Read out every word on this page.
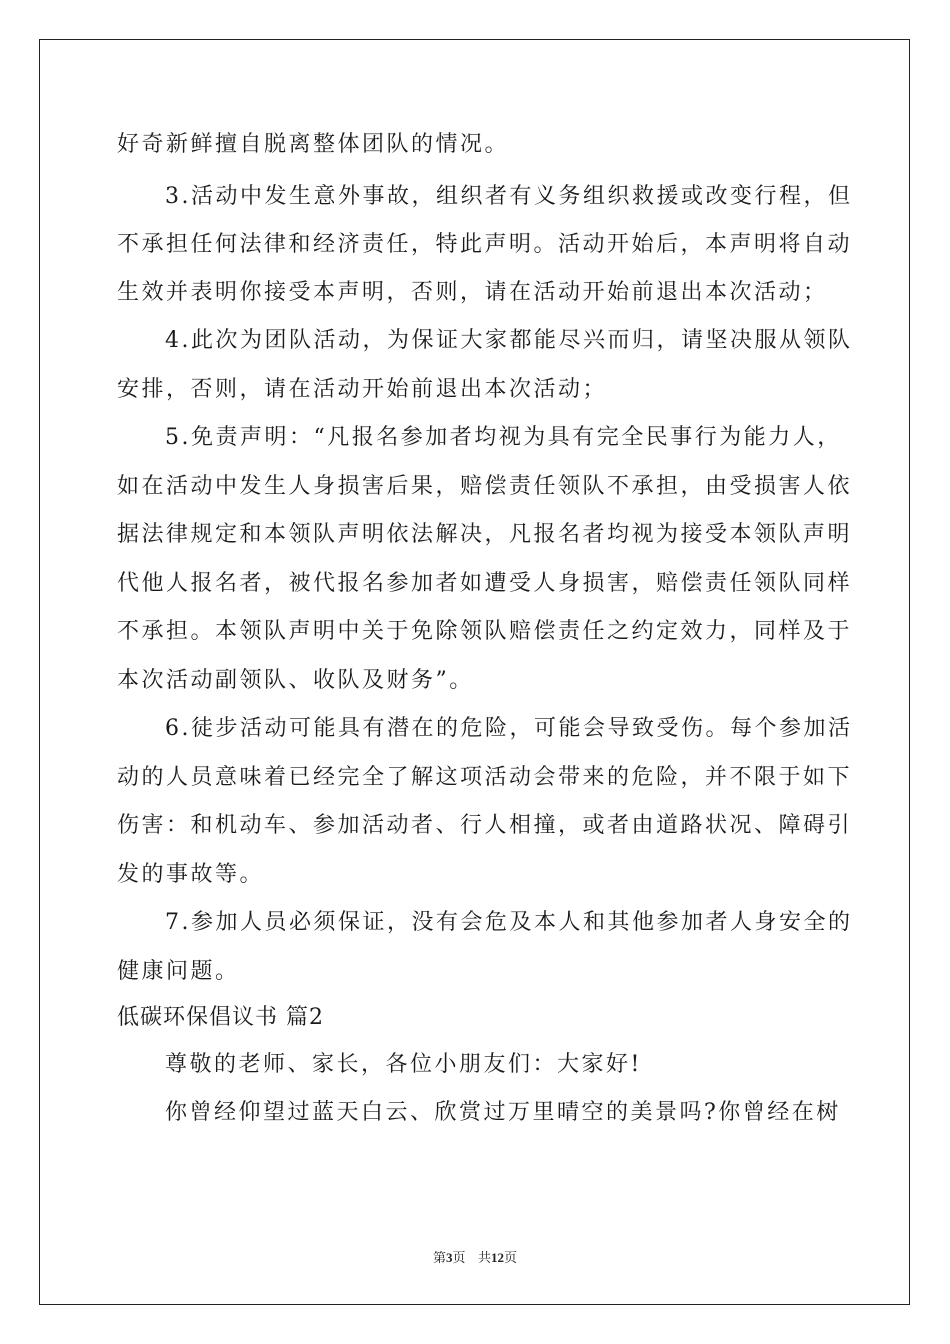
好奇新鲜擅自脱离整体团队的情况。
3.活动中发生意外事故，组织者有义务组织救援或改变行程，但
不承担任何法律和经济责任，特此声明。活动开始后，本声明将自动
生效并表明你接受本声明，否则，请在活动开始前退出本次活动；
4.此次为团队活动，为保证大家都能尽兴而归，请坚决服从领队
安排，否则，请在活动开始前退出本次活动；
5.免责声明：“凡报名参加者均视为具有完全民事行为能力人，
如在活动中发生人身损害后果，赔偿责任领队不承担，由受损害人依
据法律规定和本领队声明依法解决，凡报名者均视为接受本领队声明
代他人报名者，被代报名参加者如遭受人身损害，赔偿责任领队同样
不承担。本领队声明中关于免除领队赔偿责任之约定效力，同样及于
本次活动副领队、收队及财务”。
6.徒步活动可能具有潜在的危险，可能会导致受伤。每个参加活
动的人员意味着已经完全了解这项活动会带来的危险，并不限于如下
伤害：和机动车、参加活动者、行人相撞，或者由道路状况、障碍引
发的事故等。
7.参加人员必须保证，没有会危及本人和其他参加者人身安全的
健康问题。
低碳环保倡议书 篇2
尊敬的老师、家长，各位小朋友们：大家好!
你曾经仰望过蓝天白云、欣赏过万里晴空的美景吗?你曾经在树
第3页   共12页
